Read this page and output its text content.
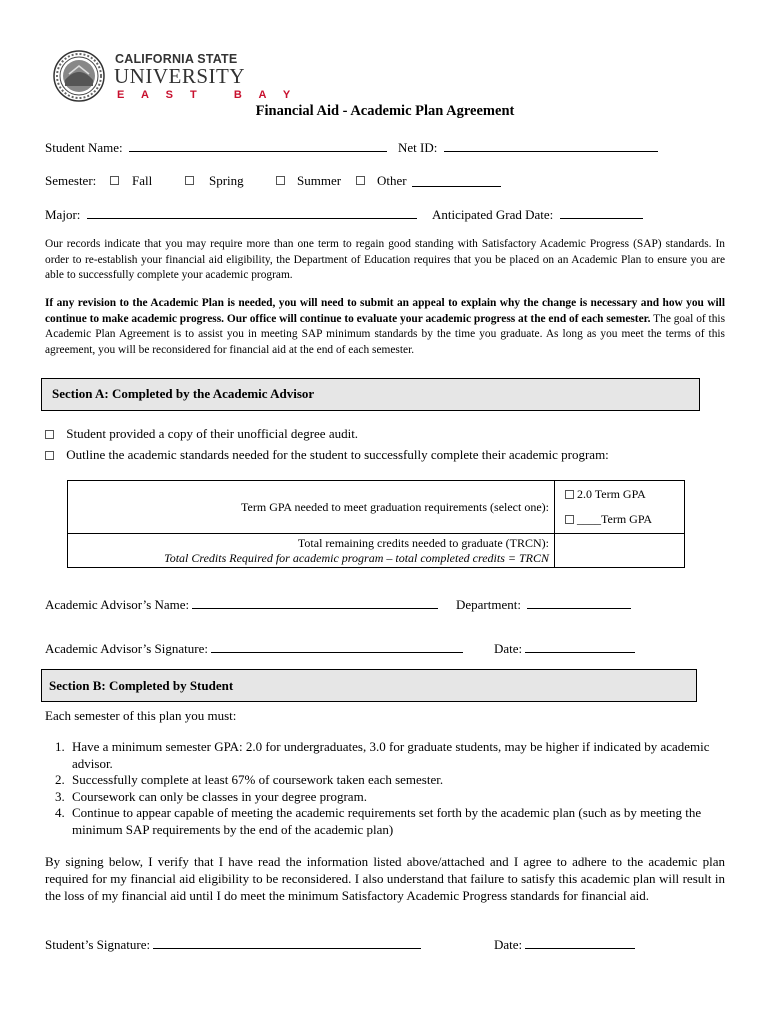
CALIFORNIA STATE
UNIVERSITY
E A S T   B A Y
Financial Aid - Academic Plan Agreement
Student Name:	Net ID:
Semester:	Fall	Spring	Summer	Other
Major:	Anticipated Grad Date:
Our records indicate that you may require more than one term to regain good standing with Satisfactory Academic Progress (SAP) standards. In order to re-establish your financial aid eligibility, the Department of Education requires that you be placed on an Academic Plan to ensure you are able to successfully complete your academic program.
If any revision to the Academic Plan is needed, you will need to submit an appeal to explain why the change is necessary and how you will continue to make academic progress. Our office will continue to evaluate your academic progress at the end of each semester. The goal of this Academic Plan Agreement is to assist you in meeting SAP minimum standards by the time you graduate. As long as you meet the terms of this agreement, you will be reconsidered for financial aid at the end of each semester.
Section A: Completed by the Academic Advisor
Student provided a copy of their unofficial degree audit.
Outline the academic standards needed for the student to successfully complete their academic program:
Term GPA needed to meet graduation requirements (select one):	2.0 Term GPA
____Term GPA

Total remaining credits needed to graduate (TRCN):
Total Credits Required for academic program – total completed credits = TRCN	

Academic Advisor’s Name:	Department:
Academic Advisor’s Signature:	Date:
Section B: Completed by Student
Each semester of this plan you must:
1. Have a minimum semester GPA: 2.0 for undergraduates, 3.0 for graduate students, may be higher if indicated by academic advisor.
2. Successfully complete at least 67% of coursework taken each semester.
3. Coursework can only be classes in your degree program.
4. Continue to appear capable of meeting the academic requirements set forth by the academic plan (such as by meeting the minimum SAP requirements by the end of the academic plan)
By signing below, I verify that I have read the information listed above/attached and I agree to adhere to the academic plan required for my financial aid eligibility to be reconsidered. I also understand that failure to satisfy this academic plan will result in the loss of my financial aid until I do meet the minimum Satisfactory Academic Progress standards for financial aid.
Student’s Signature:	Date:
